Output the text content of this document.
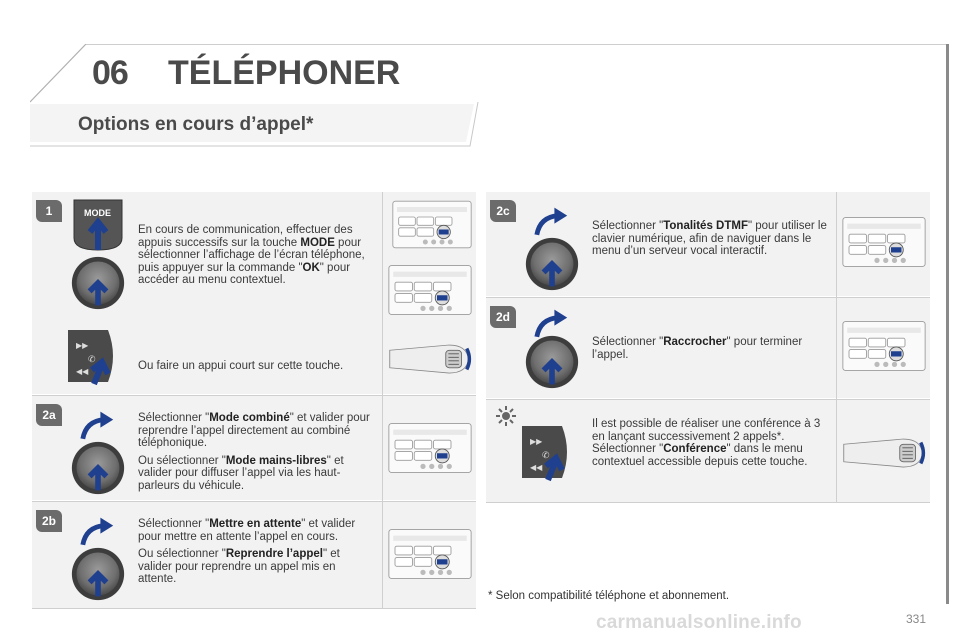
06 TÉLÉPHONER
Options en cours d’appel*
1	MODE
En cours de communication, effectuer des appuis successifs sur la touche MODE pour sélectionner l’affichage de l’écran téléphone, puis appuyer sur la commande "OK" pour accéder au menu contextuel.
▶▶
◀◀
✆
Ou faire un appui court sur cette touche.
2a	Sélectionner "Mode combiné" et valider pour reprendre l’appel directement au combiné téléphonique.

Ou sélectionner "Mode mains-libres" et valider pour diffuser l’appel via les haut-parleurs du véhicule.

2b	Sélectionner "Mettre en attente" et valider pour mettre en attente l’appel en cours.

Ou sélectionner "Reprendre l’appel" et valider pour reprendre un appel mis en attente.

2c
Sélectionner "Tonalités DTMF" pour utiliser le clavier numérique, afin de naviguer dans le menu d’un serveur vocal interactif.
2d
Sélectionner "Raccrocher" pour terminer l’appel.
▶▶
◀◀
✆
Il est possible de réaliser une conférence à 3 en lançant successivement 2 appels*. Sélectionner "Conférence" dans le menu contextuel accessible depuis cette touche.
* Selon compatibilité téléphone et abonnement.
carmanualsonline.info	331
